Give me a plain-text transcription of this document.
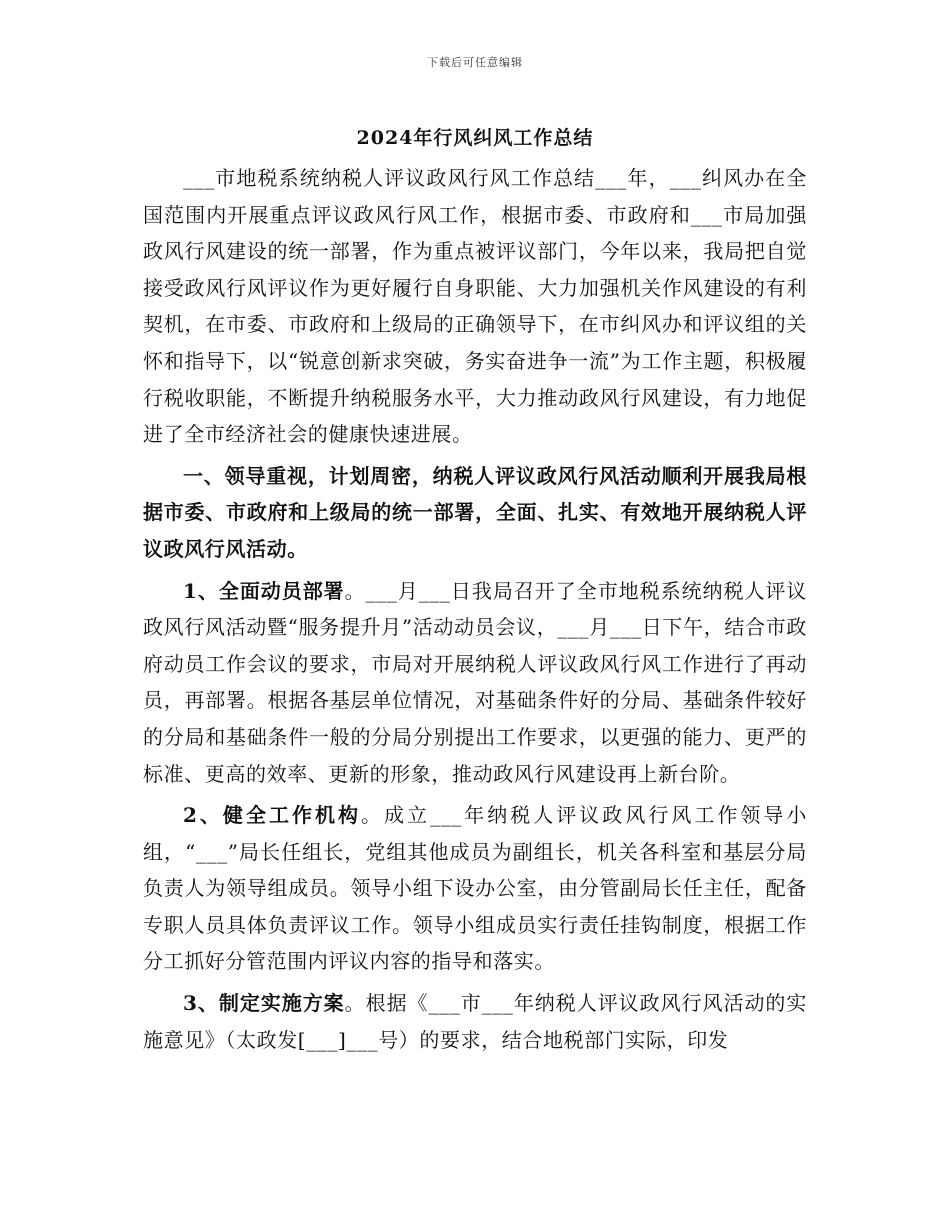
下载后可任意编辑
2024年行风纠风工作总结

___市地税系统纳税人评议政风行风工作总结___年，___纠风办在全国范围内开展重点评议政风行风工作，根据市委、市政府和___市局加强政风行风建设的统一部署，作为重点被评议部门，今年以来，我局把自觉接受政风行风评议作为更好履行自身职能、大力加强机关作风建设的有利契机，在市委、市政府和上级局的正确领导下，在市纠风办和评议组的关怀和指导下，以“锐意创新求突破，务实奋进争一流”为工作主题，积极履行税收职能，不断提升纳税服务水平，大力推动政风行风建设，有力地促进了全市经济社会的健康快速进展。

一、领导重视，计划周密，纳税人评议政风行风活动顺利开展我局根据市委、市政府和上级局的统一部署，全面、扎实、有效地开展纳税人评议政风行风活动。

1、全面动员部署。___月___日我局召开了全市地税系统纳税人评议政风行风活动暨“服务提升月”活动动员会议，___月___日下午，结合市政府动员工作会议的要求，市局对开展纳税人评议政风行风工作进行了再动员，再部署。根据各基层单位情况，对基础条件好的分局、基础条件较好的分局和基础条件一般的分局分别提出工作要求，以更强的能力、更严的标准、更高的效率、更新的形象，推动政风行风建设再上新台阶。

2、健全工作机构。成立___年纳税人评议政风行风工作领导小组，“___”局长任组长，党组其他成员为副组长，机关各科室和基层分局负责人为领导组成员。领导小组下设办公室，由分管副局长任主任，配备专职人员具体负责评议工作。领导小组成员实行责任挂钩制度，根据工作分工抓好分管范围内评议内容的指导和落实。

3、制定实施方案。根据《___市___年纳税人评议政风行风活动的实施意见》（太政发[___]___号）的要求，结合地税部门实际，印发
